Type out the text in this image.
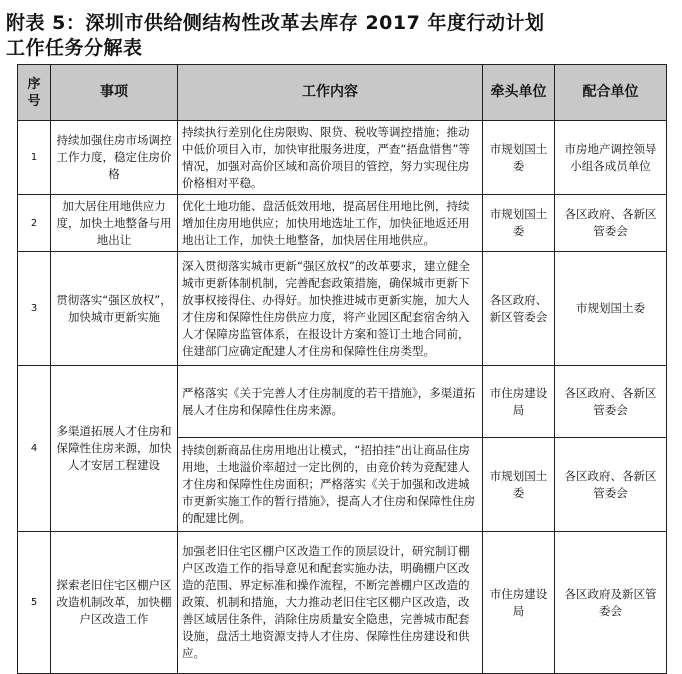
附表 5：深圳市供给侧结构性改革去库存 2017 年度行动计划
工作任务分解表
序号	事项	工作内容	牵头单位	配合单位
1	持续加强住房市场调控工作力度，稳定住房价格	持续执行差别化住房限购、限贷、税收等调控措施；推动中低价项目入市，加快审批服务进度，严查“捂盘惜售”等情况，加强对高价区域和高价项目的管控，努力实现住房价格相对平稳。	市规划国土委	市房地产调控领导小组各成员单位
2	加大居住用地供应力度，加快土地整备与用地出让	优化土地功能、盘活低效用地，提高居住用地比例，持续增加住房用地供应；加快用地选址工作，加快征地返还用地出让工作，加快土地整备，加快居住用地供应。	市规划国土委	各区政府、各新区管委会
3	贯彻落实“强区放权”，加快城市更新实施	深入贯彻落实城市更新“强区放权”的改革要求，建立健全城市更新体制机制，完善配套政策措施，确保城市更新下放事权接得住、办得好。加快推进城市更新实施，加大人才住房和保障性住房供应力度，将产业园区配套宿舍纳入人才保障房监管体系，在报设计方案和签订土地合同前，住建部门应确定配建人才住房和保障性住房类型。	各区政府、新区管委会	市规划国土委
4	多渠道拓展人才住房和保障性住房来源，加快人才安居工程建设	严格落实《关于完善人才住房制度的若干措施》，多渠道拓展人才住房和保障性住房来源。	市住房建设局	各区政府、各新区管委会
		持续创新商品住房用地出让模式，“招拍挂”出让商品住房用地，土地溢价率超过一定比例的，由竞价转为竞配建人才住房和保障性住房面积；严格落实《关于加强和改进城市更新实施工作的暂行措施》，提高人才住房和保障性住房的配建比例。	市规划国土委	各区政府、各新区管委会
5	探索老旧住宅区棚户区改造机制改革，加快棚户区改造工作	加强老旧住宅区棚户区改造工作的顶层设计，研究制订棚户区改造工作的指导意见和配套实施办法，明确棚户区改造的范围、界定标准和操作流程，不断完善棚户区改造的政策、机制和措施，大力推动老旧住宅区棚户区改造，改善区域居住条件，消除住房质量安全隐患，完善城市配套设施，盘活土地资源支持人才住房、保障性住房建设和供应。	市住房建设局	各区政府及新区管委会
